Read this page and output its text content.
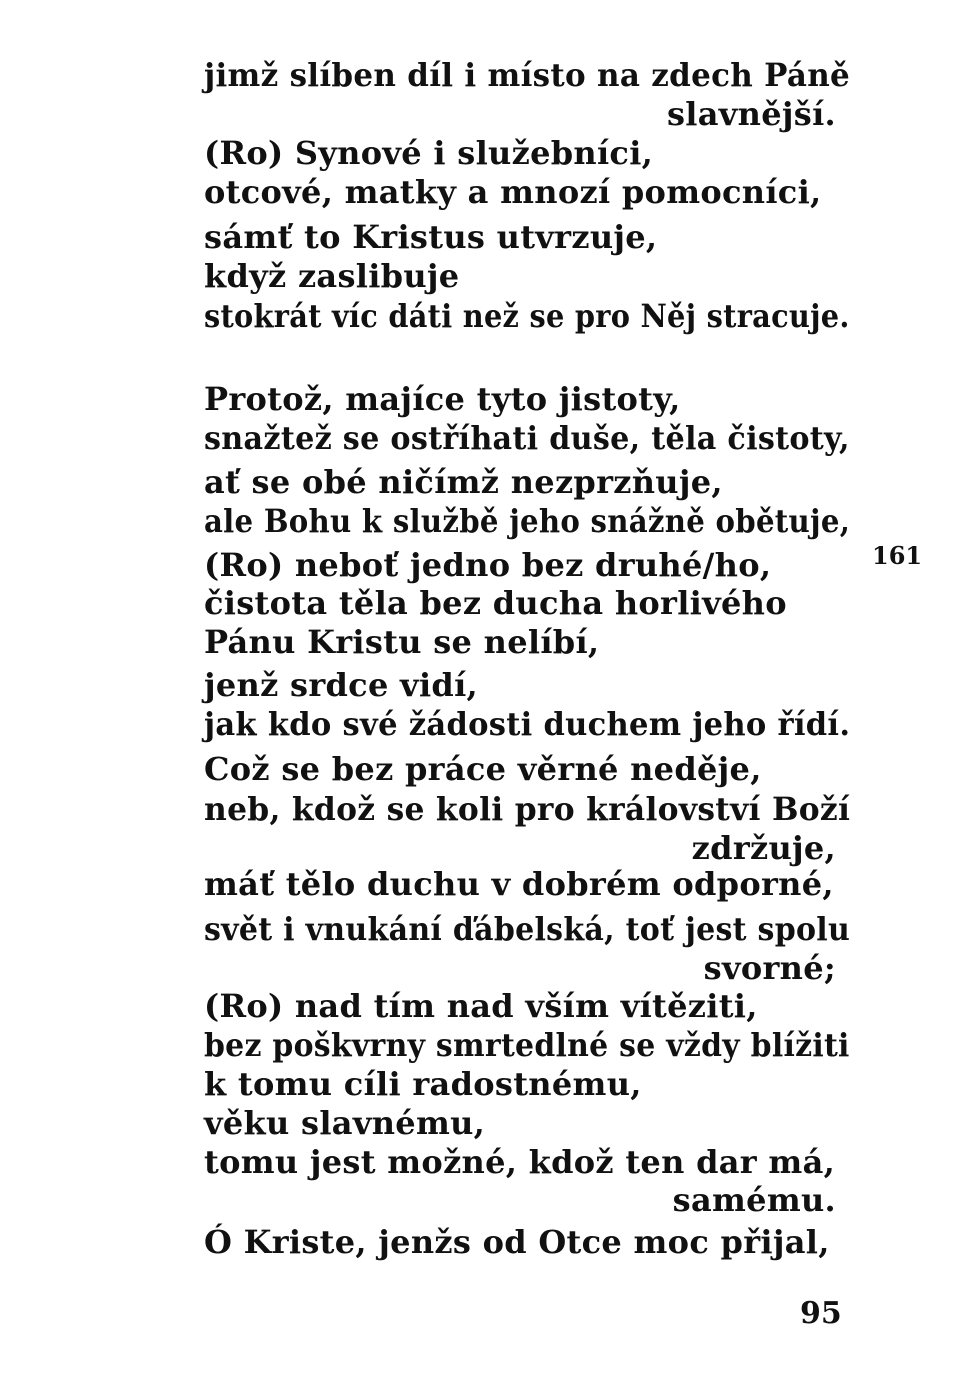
jimž slíben díl i místo na zdech Páně

slavnější.

(Ro) Synové i služebníci,

otcové, matky a mnozí pomocníci,

sámť to Kristus utvrzuje,

když zaslibuje

stokrát víc dáti než se pro Něj stracuje.

Protož, majíce tyto jistoty,

snažtež se ostříhati duše, těla čistoty,

ať se obé ničímž nezprzňuje,

ale Bohu k službě jeho snážně obětuje,

(Ro) neboť jedno bez druhé/ho,

čistota těla bez ducha horlivého

Pánu Kristu se nelíbí,

jenž srdce vidí,

jak kdo své žádosti duchem jeho řídí.

Což se bez práce věrné neděje,

neb, kdož se koli pro království Boží

zdržuje,

máť tělo duchu v dobrém odporné,

svět i vnukání ďábelská, toť jest spolu

svorné;

(Ro) nad tím nad vším vítěziti,

bez poškvrny smrtedlné se vždy blížiti

k tomu cíli radostnému,

věku slavnému,

tomu jest možné, kdož ten dar má,

samému.

Ó Kriste, jenžs od Otce moc přijal,

161
95
